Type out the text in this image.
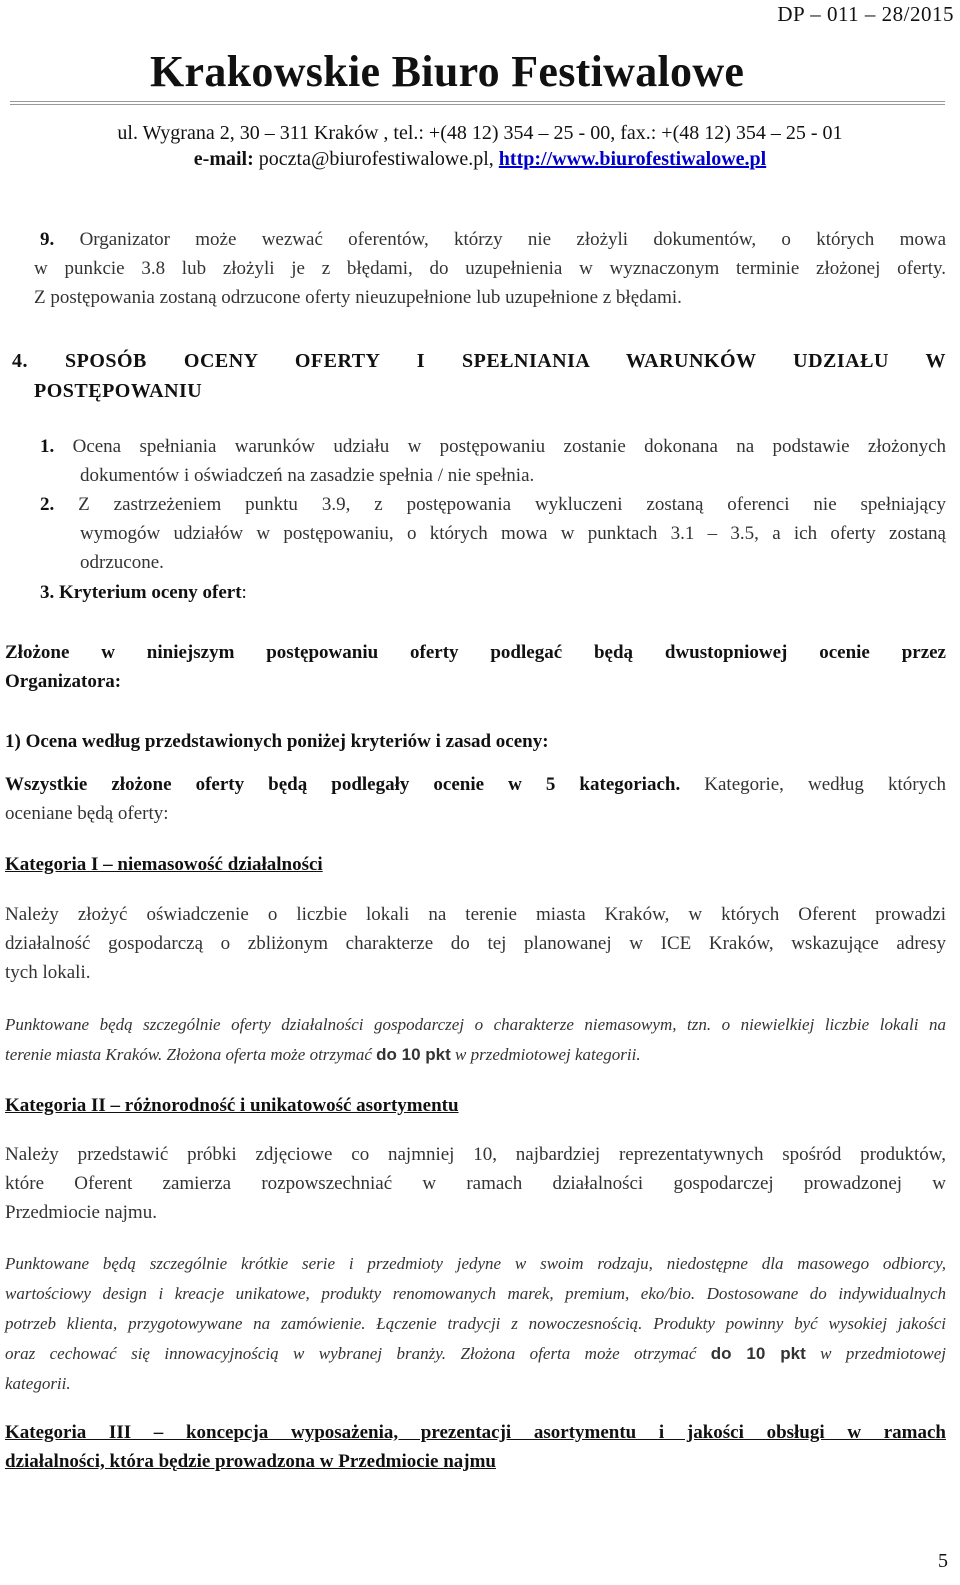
DP – 011 – 28/2015
Krakowskie Biuro Festiwalowe
ul. Wygrana 2, 30 – 311 Kraków , tel.: +(48 12) 354 – 25 - 00, fax.: +(48 12) 354 – 25 - 01
e-mail: poczta@biurofestiwalowe.pl, http://www.biurofestiwalowe.pl
9. Organizator może wezwać oferentów, którzy nie złożyli dokumentów, o których mowa
w punkcie 3.8 lub złożyli je z błędami, do uzupełnienia w wyznaczonym terminie złożonej oferty.
Z postępowania zostaną odrzucone oferty nieuzupełnione lub uzupełnione z błędami.
4. SPOSÓB OCENY OFERTY I SPEŁNIANIA WARUNKÓW UDZIAŁU W
POSTĘPOWANIU
1. Ocena spełniania warunków udziału w postępowaniu zostanie dokonana na podstawie złożonych
dokumentów i oświadczeń na zasadzie spełnia / nie spełnia.
2. Z zastrzeżeniem punktu 3.9, z postępowania wykluczeni zostaną oferenci nie spełniający
wymogów udziałów w postępowaniu, o których mowa w punktach 3.1 – 3.5, a ich oferty zostaną
odrzucone.
3. Kryterium oceny ofert:
Złożone w niniejszym postępowaniu oferty podlegać będą dwustopniowej ocenie przez
Organizatora:
1) Ocena według przedstawionych poniżej kryteriów i zasad oceny:
Wszystkie złożone oferty będą podlegały ocenie w 5 kategoriach. Kategorie, według których
oceniane będą oferty:
Kategoria I – niemasowość działalności
Należy złożyć oświadczenie o liczbie lokali na terenie miasta Kraków, w których Oferent prowadzi
działalność gospodarczą o zbliżonym charakterze do tej planowanej w ICE Kraków, wskazujące adresy
tych lokali.
Punktowane będą szczególnie oferty działalności gospodarczej o charakterze niemasowym, tzn. o niewielkiej liczbie lokali na
terenie miasta Kraków. Złożona oferta może otrzymać do 10 pkt w przedmiotowej kategorii.
Kategoria II – różnorodność i unikatowość asortymentu
Należy przedstawić próbki zdjęciowe co najmniej 10, najbardziej reprezentatywnych spośród produktów,
które Oferent zamierza rozpowszechniać w ramach działalności gospodarczej prowadzonej w
Przedmiocie najmu.
Punktowane będą szczególnie krótkie serie i przedmioty jedyne w swoim rodzaju, niedostępne dla masowego odbiorcy,
wartościowy design i kreacje unikatowe, produkty renomowanych marek, premium, eko/bio. Dostosowane do indywidualnych
potrzeb klienta, przygotowywane na zamówienie. Łączenie tradycji z nowoczesnością. Produkty powinny być wysokiej jakości
oraz cechować się innowacyjnością w wybranej branży. Złożona oferta może otrzymać do 10 pkt w przedmiotowej
kategorii.
Kategoria III – koncepcja wyposażenia, prezentacji asortymentu i jakości obsługi w ramach
działalności, która będzie prowadzona w Przedmiocie najmu
5
